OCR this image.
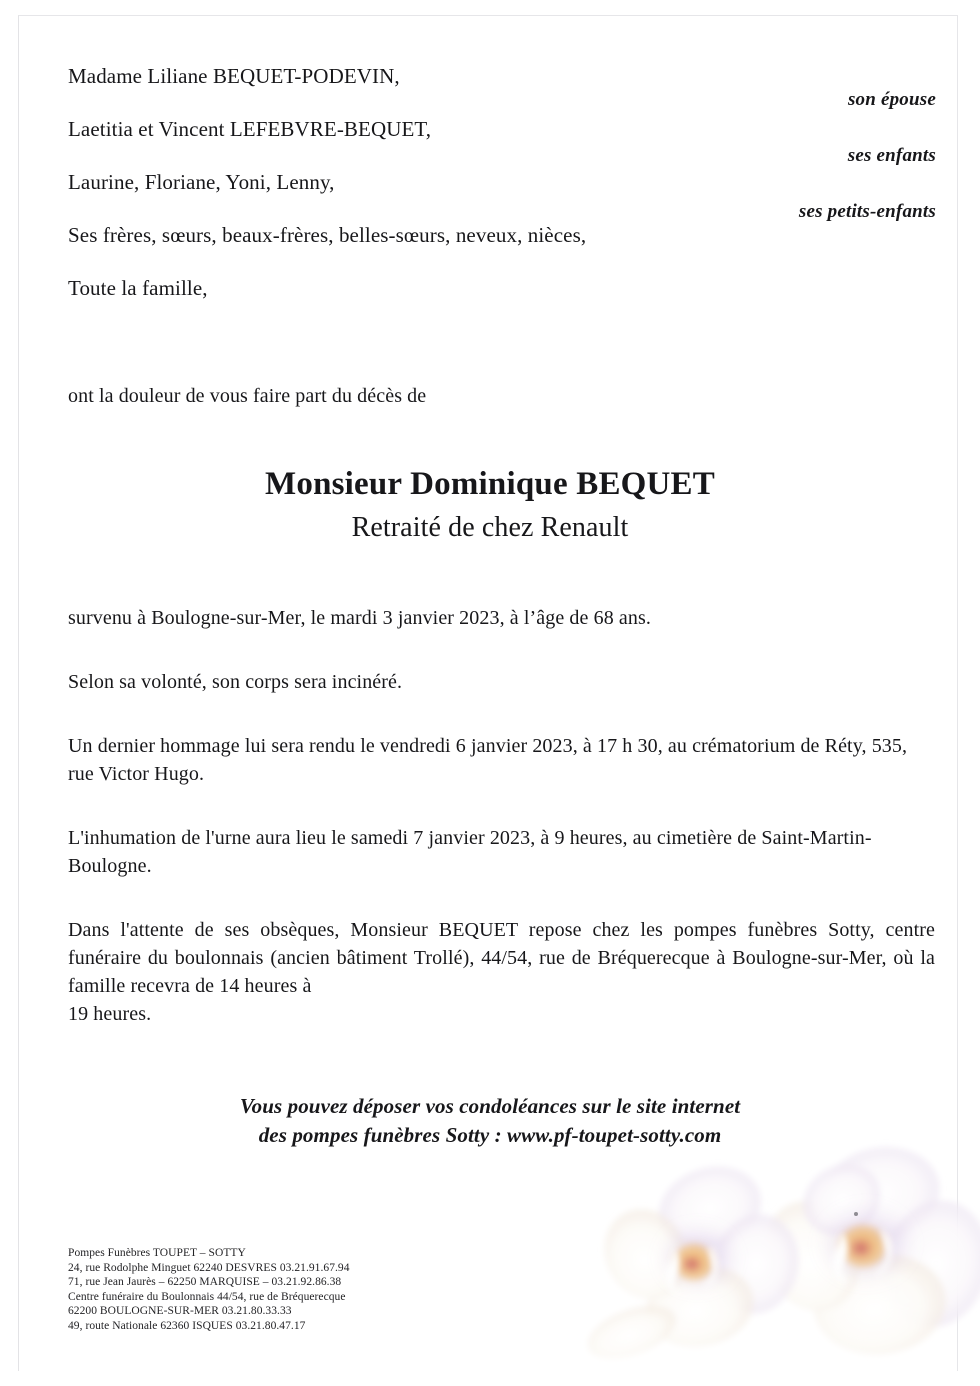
Madame Liliane BEQUET-PODEVIN,
Laetitia et Vincent LEFEBVRE-BEQUET,
Laurine, Floriane, Yoni, Lenny,
Ses frères, sœurs, beaux-frères, belles-sœurs, neveux, nièces,
Toute la famille,
son épouse
ses enfants
ses petits-enfants
ont la douleur de vous faire part du décès de
Monsieur Dominique BEQUET
Retraité de chez Renault

survenu à Boulogne-sur-Mer, le mardi 3 janvier 2023, à l’âge de 68 ans.

Selon sa volonté, son corps sera incinéré.

Un dernier hommage lui sera rendu le vendredi 6 janvier 2023, à 17 h 30, au crématorium de Réty, 535, rue Victor Hugo.

L'inhumation de l'urne aura lieu le samedi 7 janvier 2023, à 9 heures, au cimetière de Saint-Martin-Boulogne.

Dans l'attente de ses obsèques, Monsieur BEQUET repose chez les pompes funèbres Sotty, centre funéraire du boulonnais (ancien bâtiment Trollé), 44/54, rue de Bréquerecque à Boulogne-sur-Mer, où la famille recevra de 14 heures à
19 heures.

Vous pouvez déposer vos condoléances sur le site internet
des pompes funèbres Sotty : www.pf-toupet-sotty.com
Pompes Funèbres TOUPET – SOTTY
24, rue Rodolphe Minguet 62240 DESVRES 03.21.91.67.94
71, rue Jean Jaurès – 62250 MARQUISE – 03.21.92.86.38
Centre funéraire du Boulonnais 44/54, rue de Bréquerecque
62200 BOULOGNE-SUR-MER 03.21.80.33.33
49, route Nationale 62360 ISQUES 03.21.80.47.17
